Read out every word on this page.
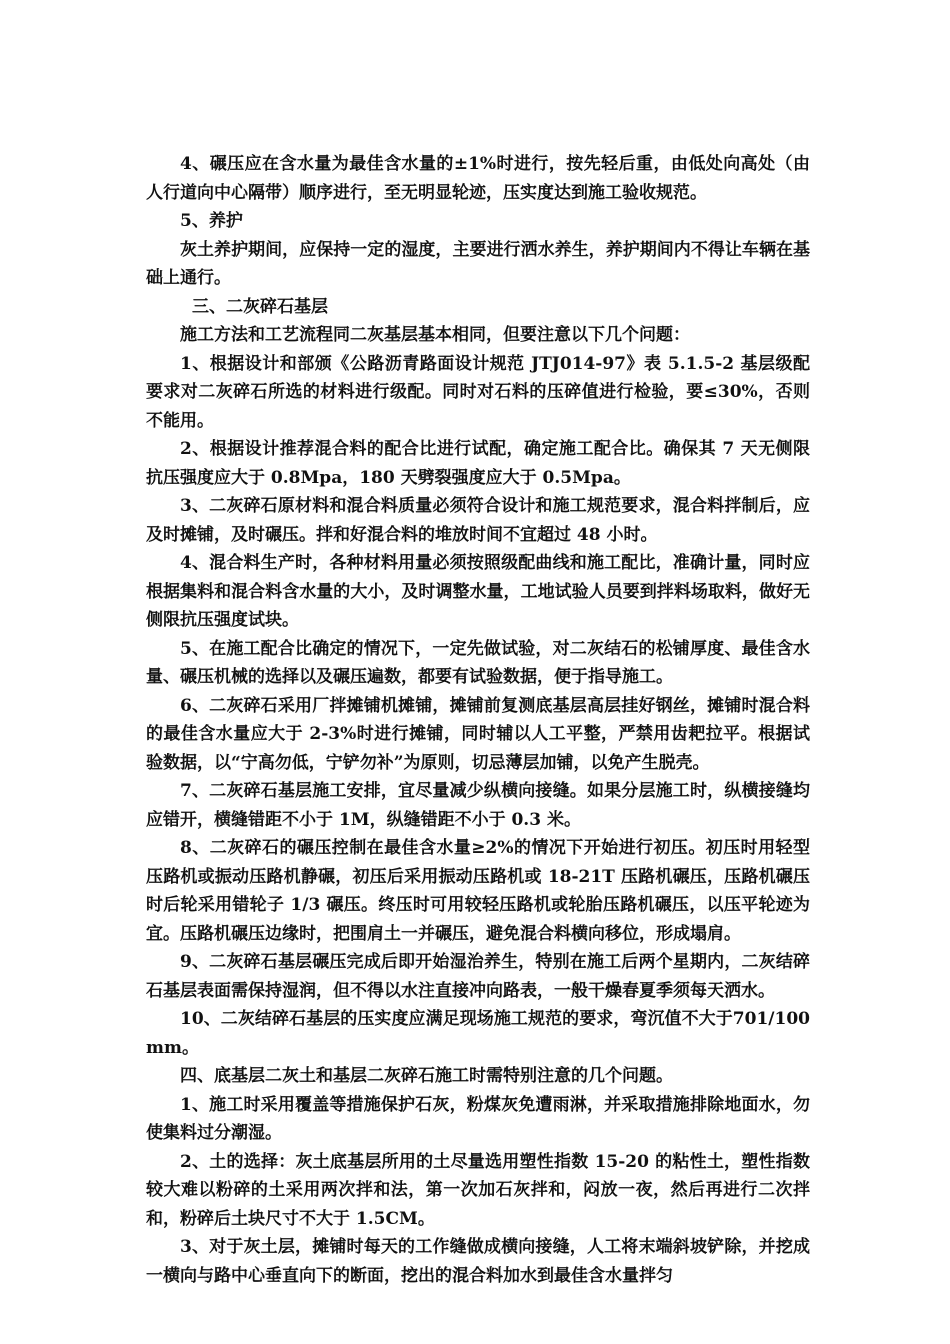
4、碾压应在含水量为最佳含水量的±1%时进行，按先轻后重，由低处向高处（由人行道向中心隔带）顺序进行，至无明显轮迹，压实度达到施工验收规范。

5、养护

灰土养护期间，应保持一定的湿度，主要进行洒水养生，养护期间内不得让车辆在基础上通行。

三、二灰碎石基层

施工方法和工艺流程同二灰基层基本相同，但要注意以下几个问题：

1、根据设计和部颁《公路沥青路面设计规范 JTJ014-97》表 5.1.5-2 基层级配要求对二灰碎石所选的材料进行级配。同时对石料的压碎值进行检验，要≤30%，否则不能用。

2、根据设计推荐混合料的配合比进行试配，确定施工配合比。确保其 7 天无侧限抗压强度应大于 0.8Mpa，180 天劈裂强度应大于 0.5Mpa。

3、二灰碎石原材料和混合料质量必须符合设计和施工规范要求，混合料拌制后，应及时摊铺，及时碾压。拌和好混合料的堆放时间不宜超过 48 小时。

4、混合料生产时，各种材料用量必须按照级配曲线和施工配比，准确计量，同时应根据集料和混合料含水量的大小，及时调整水量，工地试验人员要到拌料场取料，做好无侧限抗压强度试块。

5、在施工配合比确定的情况下，一定先做试验，对二灰结石的松铺厚度、最佳含水量、碾压机械的选择以及碾压遍数，都要有试验数据，便于指导施工。

6、二灰碎石采用厂拌摊铺机摊铺，摊铺前复测底基层高层挂好钢丝，摊铺时混合料的最佳含水量应大于 2-3%时进行摊铺，同时辅以人工平整，严禁用齿耙拉平。根据试验数据，以“宁高勿低，宁铲勿补”为原则，切忌薄层加铺，以免产生脱壳。

7、二灰碎石基层施工安排，宜尽量减少纵横向接缝。如果分层施工时，纵横接缝均应错开，横缝错距不小于 1M，纵缝错距不小于 0.3 米。

8、二灰碎石的碾压控制在最佳含水量≥2%的情况下开始进行初压。初压时用轻型压路机或振动压路机静碾，初压后采用振动压路机或 18-21T 压路机碾压，压路机碾压时后轮采用错轮子 1/3 碾压。终压时可用较轻压路机或轮胎压路机碾压，以压平轮迹为宜。压路机碾压边缘时，把围肩土一并碾压，避免混合料横向移位，形成塌肩。

9、二灰碎石基层碾压完成后即开始湿治养生，特别在施工后两个星期内，二灰结碎石基层表面需保持湿润，但不得以水注直接冲向路表，一般干燥春夏季须每天洒水。

10、二灰结碎石基层的压实度应满足现场施工规范的要求，弯沉值不大于701/100mm。

四、底基层二灰土和基层二灰碎石施工时需特别注意的几个问题。

1、施工时采用覆盖等措施保护石灰，粉煤灰免遭雨淋，并采取措施排除地面水，勿使集料过分潮湿。

2、土的选择：灰土底基层所用的土尽量选用塑性指数 15-20 的粘性土，塑性指数较大难以粉碎的土采用两次拌和法，第一次加石灰拌和，闷放一夜，然后再进行二次拌和，粉碎后土块尺寸不大于 1.5CM。

3、对于灰土层，摊铺时每天的工作缝做成横向接缝，人工将末端斜坡铲除，并挖成一横向与路中心垂直向下的断面，挖出的混合料加水到最佳含水量拌匀
